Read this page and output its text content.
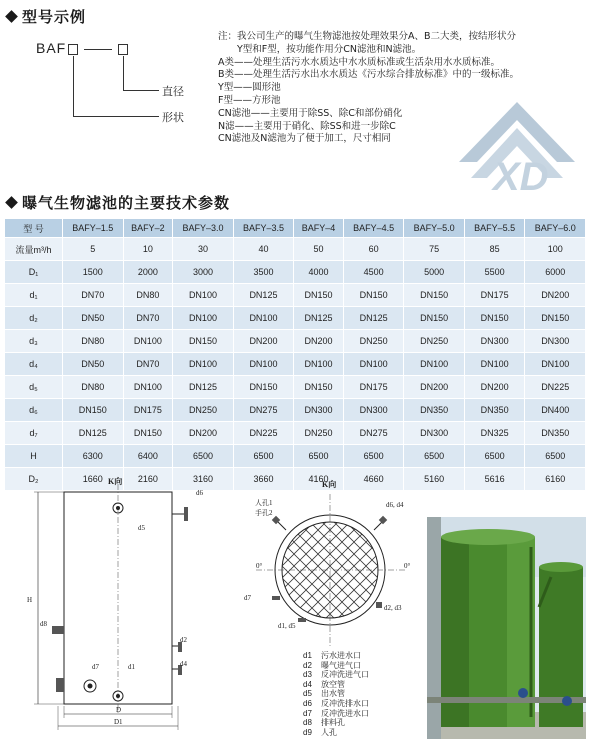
型号示例
BAF
直径
形状
注：我公司生产的曝气生物滤池按处理效果分A、B二大类，按结形状分
　　Y型和F型，按功能作用分CN滤池和N滤池。
A类——处理生活污水水质达中水水质标准或生活杂用水水质标准。
B类——处理生活污水出水水质达《污水综合排放标准》中的一级标准。
Y型——圆形池
F型——方形池
CN滤池——主要用于除SS、除C和部份硝化
N滤——主要用于硝化、除SS和进一步除C
CN滤池及N滤池为了便于加工，尺寸相同
XD
曝气生物滤池的主要技术参数
型 号	BAFY–1.5	BAFY–2	BAFY–3.0	BAFY–3.5	BAFY–4	BAFY–4.5	BAFY–5.0	BAFY–5.5	BAFY–6.0
流量m³/h	5	10	30	40	50	60	75	85	100
D₁	1500	2000	3000	3500	4000	4500	5000	5500	6000
d₁	DN70	DN80	DN100	DN125	DN150	DN150	DN150	DN175	DN200
d₂	DN50	DN70	DN100	DN100	DN125	DN125	DN150	DN150	DN150
d₃	DN80	DN100	DN150	DN200	DN200	DN250	DN250	DN300	DN300
d₄	DN50	DN70	DN100	DN100	DN100	DN100	DN100	DN100	DN100
d₅	DN80	DN100	DN125	DN150	DN150	DN175	DN200	DN200	DN225
d₆	DN150	DN175	DN250	DN275	DN300	DN300	DN350	DN350	DN400
d₇	DN125	DN150	DN200	DN225	DN250	DN275	DN300	DN325	DN350
H	6300	6400	6500	6500	6500	6500	6500	6500	6500
D₂	1660	2160	3160	3660	4160	4660	5160	5616	6160
K向
d6
d5
d8
d7	d1
d2
d4
H
D
D1
K向
人孔1
手孔2
d6, d4
0°	0°
d7
d2, d3
d1, d5
d1 污水进水口
d2 曝气进气口
d3 反冲洗进气口
d4 放空管
d5 出水管
d6 反冲洗排水口
d7 反冲洗进水口
d8 排料孔
d9 人孔
